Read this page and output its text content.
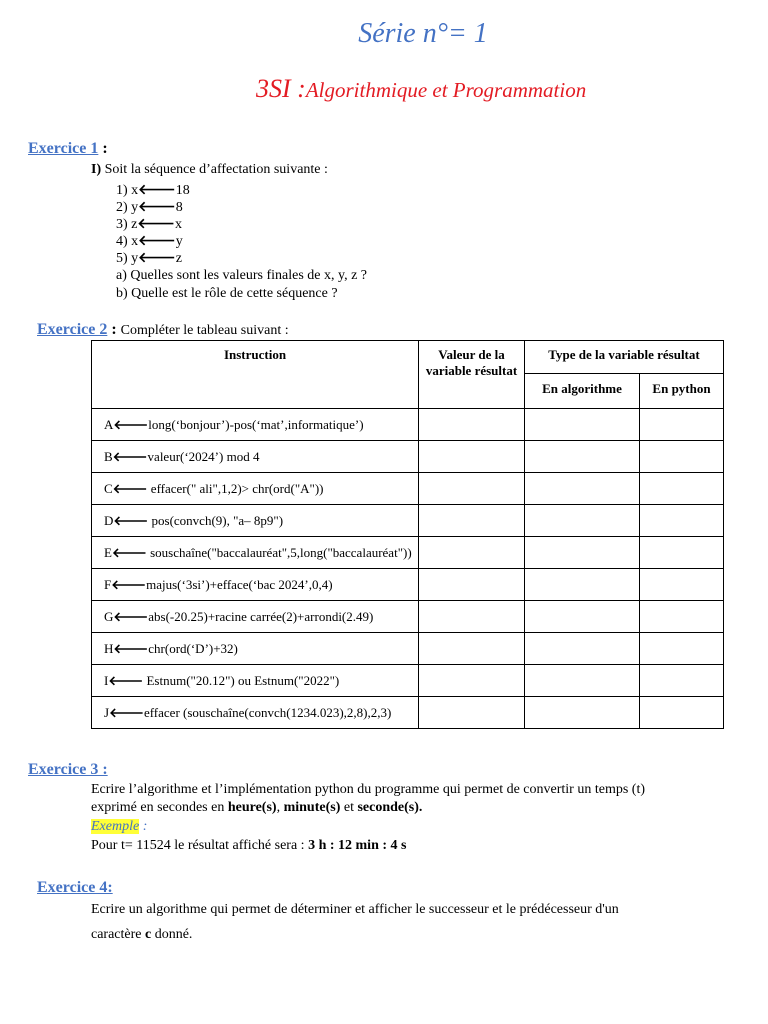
Série n°= 1
3SI :Algorithmique et Programmation
Exercice 1 :
I) Soit la séquence d’affectation suivante :
1) x🡐18
2) y🡐8
3) z🡐x
4) x🡐y
5) y🡐z
a) Quelles sont les valeurs finales de x, y, z ?
b) Quelle est le rôle de cette séquence ?
Exercice 2 : Compléter le tableau suivant :
Instruction	Valeur de la variable résultat	Type de la variable résultat	
		En algorithme	En python
A🡐long(‘bonjour’)-pos(‘mat’,informatique’)			
B🡐valeur(‘2024’) mod 4			
C🡐 effacer(" ali",1,2)> chr(ord("A"))			
D🡐 pos(convch(9), "a– 8p9")			
E🡐 souschaîne("baccalauréat",5,long("baccalauréat"))			
F🡐majus(‘3si’)+efface(‘bac 2024’,0,4)			
G🡐abs(-20.25)+racine carrée(2)+arrondi(2.49)			
H🡐chr(ord(‘D’)+32)			
I🡐 Estnum("20.12") ou Estnum("2022")			
J🡐effacer (souschaîne(convch(1234.023),2,8),2,3)			
Exercice 3 :
Ecrire l’algorithme et l’implémentation python du programme qui permet de convertir un temps (t)
exprimé en secondes en heure(s), minute(s) et seconde(s).
Exemple :
Pour t= 11524 le résultat affiché sera : 3 h : 12 min : 4 s
Exercice 4:
Ecrire un algorithme qui permet de déterminer et afficher le successeur et le prédécesseur d'un
caractère c donné.
